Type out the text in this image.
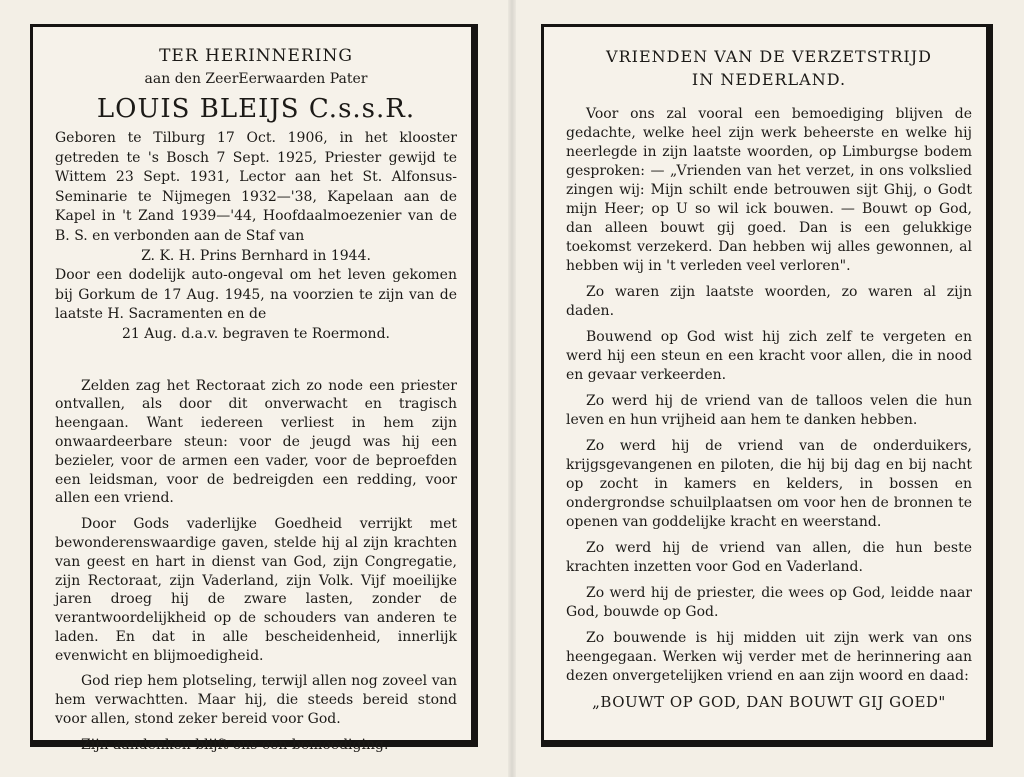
TER HERINNERING

aan den ZeerEerwaarden Pater

LOUIS BLEIJS C.s.s.R.

Geboren te Tilburg 17 Oct. 1906, in het klooster getreden te 's Bosch 7 Sept. 1925, Priester gewijd te Wittem 23 Sept. 1931, Lector aan het St. Alfonsus-Seminarie te Nijmegen 1932—'38, Kapelaan aan de Kapel in 't Zand 1939—'44, Hoofdaalmoezenier van de B. S. en verbonden aan de Staf van
Z. K. H. Prins Bernhard in 1944.
Door een dodelijk auto-ongeval om het leven gekomen bij Gorkum de 17 Aug. 1945, na voorzien te zijn van de laatste H. Sacramenten en de
21 Aug. d.a.v. begraven te Roermond.

Zelden zag het Rectoraat zich zo node een priester ontvallen, als door dit onverwacht en tragisch heengaan. Want iedereen verliest in hem zijn onwaardeerbare steun: voor de jeugd was hij een bezieler, voor de armen een vader, voor de beproefden een leidsman, voor de bedreigden een redding, voor allen een vriend.

Door Gods vaderlijke Goedheid verrijkt met bewonderenswaardige gaven, stelde hij al zijn krachten van geest en hart in dienst van God, zijn Congregatie, zijn Rectoraat, zijn Vaderland, zijn Volk. Vijf moeilijke jaren droeg hij de zware lasten, zonder de verantwoordelijkheid op de schouders van anderen te laden. En dat in alle bescheidenheid, innerlijk evenwicht en blijmoedigheid.

God riep hem plotseling, terwijl allen nog zoveel van hem verwachtten. Maar hij, die steeds bereid stond voor allen, stond zeker bereid voor God.

Zijn aandenken blijft ons een bemoediging.

VRIENDEN VAN DE VERZETSTRIJD
IN NEDERLAND.

Voor ons zal vooral een bemoediging blijven de gedachte, welke heel zijn werk beheerste en welke hij neerlegde in zijn laatste woorden, op Limburgse bodem gesproken: — „Vrienden van het verzet, in ons volkslied zingen wij: Mijn schilt ende betrouwen sijt Ghij, o Godt mijn Heer; op U so wil ick bouwen. — Bouwt op God, dan alleen bouwt gij goed. Dan is een gelukkige toekomst verzekerd. Dan hebben wij alles gewonnen, al hebben wij in 't verleden veel verloren".

Zo waren zijn laatste woorden, zo waren al zijn daden.

Bouwend op God wist hij zich zelf te vergeten en werd hij een steun en een kracht voor allen, die in nood en gevaar verkeerden.

Zo werd hij de vriend van de talloos velen die hun leven en hun vrijheid aan hem te danken hebben.

Zo werd hij de vriend van de onderduikers, krijgsgevangenen en piloten, die hij bij dag en bij nacht op zocht in kamers en kelders, in bossen en ondergrondse schuilplaatsen om voor hen de bronnen te openen van goddelijke kracht en weerstand.

Zo werd hij de vriend van allen, die hun beste krachten inzetten voor God en Vaderland.

Zo werd hij de priester, die wees op God, leidde naar God, bouwde op God.

Zo bouwende is hij midden uit zijn werk van ons heengegaan. Werken wij verder met de herinnering aan dezen onvergetelijken vriend en aan zijn woord en daad:

„BOUWT OP GOD, DAN BOUWT GIJ GOED"
